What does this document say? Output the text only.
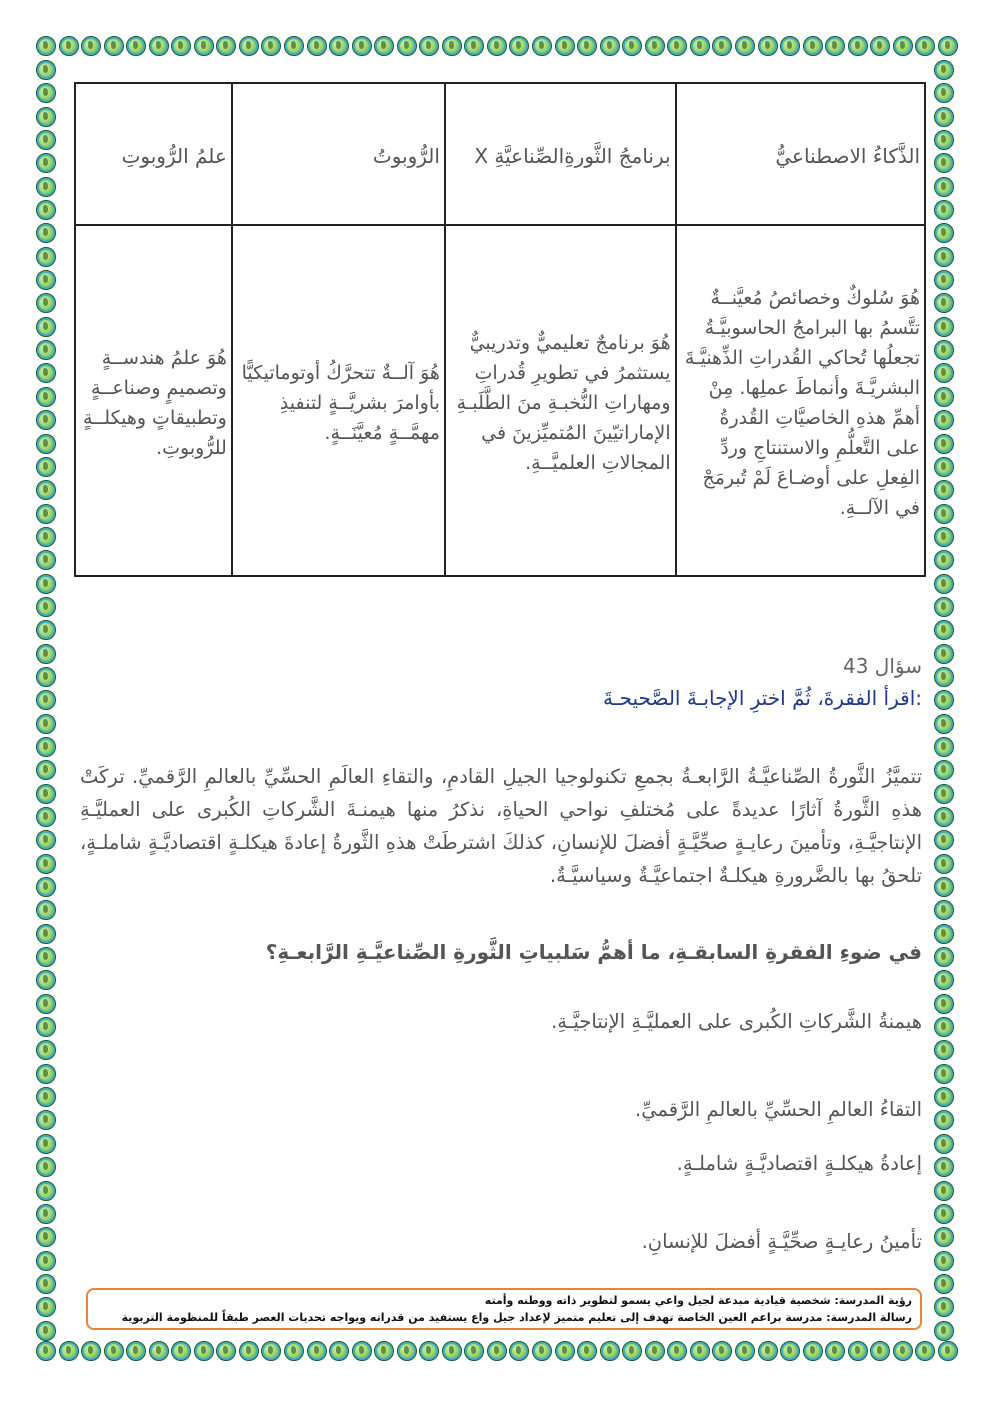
الذَّكاءُ الاصطناعيُّ	برنامجُ الثَّورةِالصِّناعيَّةِ X	الرُّوبوتُ	علمُ الرُّوبوتِ
هُوَ سُلوكٌ وخصائصُ مُعيَّنــةٌ تتَّسمُ بها البرامجُ الحاسوبيَّـةُ تجعلُها تُحاكي القُدراتِ الذِّهنيَّـةَ البشريَّـةَ وأنماطَ عملِها. مِنْ أهمِّ هذهِ الخاصيَّاتِ القُدرةُ على التَّعلُّمِ والاستنتاجِ وردِّ الفِعلِ على أوضـاعَ لَمْ تُبرمَجْ في الآلــةِ.	هُوَ برنامجٌ تعليميٌّ وتدريبيٌّ يستثمرُ في تطويرِ قُدراتِ ومهاراتِ النُّخبـةِ منَ الطَّلَبـةِ الإماراتيّينَ المُتميِّزينَ في المجالاتِ العلميَّــةِ.	هُوَ آلــةٌ تتحرَّكُ أوتوماتيكيًّا بأوامرَ بشريَّــةٍ لتنفيذِ مهمَّــةٍ مُعيَّنَــةٍ.	هُوَ علمُ هندســةٍ وتصميمٍ وصناعــةٍ وتطبيقاتٍ وهيكلــةٍ للرُّوبوتِ.
سؤال 43
:اقرأ الفقرةَ، ثُمَّ اخترِ الإجابـةَ الصَّحيحـةَ
تتميَّزُ الثَّورةُ الصِّناعيَّـةُ الرَّابعـةُ بجمعِ تكنولوجيا الجيلِ القادمِ، والتقاءِ العالَمِ الحسِّيِّ بالعالمِ الرَّقميِّ. تركَتْ هذهِ الثَّورةُ آثارًا عديدةً على مُختلفِ نواحي الحياةِ، نذكرُ منها هيمنـةَ الشَّركاتِ الكُبرى على العمليَّـةِ الإنتاجيَّـةِ، وتأمينَ رعايـةٍ صحِّيَّـةٍ أفضلَ للإنسانِ، كذلكَ اشترطَتْ هذهِ الثَّورةُ إعادةَ هيكلـةٍ اقتصاديَّـةٍ شاملـةٍ، تلحقُ بها بالضَّرورةِ هيكلـةٌ اجتماعيَّـةٌ وسياسيَّـةٌ.
في ضوءِ الفقرةِ السابقـةِ، ما أهمُّ سَلبياتِ الثَّورةِ الصِّناعيَّـةِ الرَّابعـةِ؟
هيمنةُ الشَّركاتِ الكُبرى على العمليَّـةِ الإنتاجيَّـةِ.
التقاءُ العالمِ الحسِّيِّ بالعالمِ الرَّقميِّ.
إعادةُ هيكلـةٍ اقتصاديَّـةٍ شاملـةٍ.
تأمينُ رعايـةٍ صحِّيَّـةٍ أفضلَ للإنسانِ.
رؤية المدرسة: شخصية قيادية مبدعة لجيل واعي يسمو لتطوير ذاته ووطنه وأمته
رسالة المدرسة: مدرسة براعم العين الخاصة تهدف إلى تعليم متميز لإعداد جيل واع يستفيد من قدراته ويواجه تحديات العصر طبقاً للمنظومة التربوية
